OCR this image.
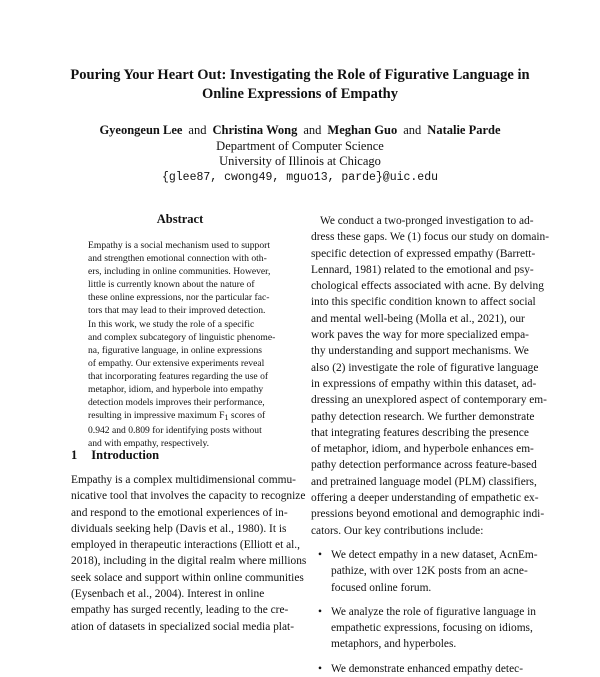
Pouring Your Heart Out: Investigating the Role of Figurative Language in
Online Expressions of Empathy
Gyeongeun Lee and Christina Wong and Meghan Guo and Natalie Parde
Department of Computer Science
University of Illinois at Chicago
{glee87, cwong49, mguo13, parde}@uic.edu
Abstract
Empathy is a social mechanism used to support
and strengthen emotional connection with oth-
ers, including in online communities. However,
little is currently known about the nature of
these online expressions, nor the particular fac-
tors that may lead to their improved detection.
In this work, we study the role of a specific
and complex subcategory of linguistic phenome-
na, figurative language, in online expressions
of empathy. Our extensive experiments reveal
that incorporating features regarding the use of
metaphor, idiom, and hyperbole into empathy
detection models improves their performance,
resulting in impressive maximum $F_1$ scores of
0.942 and 0.809 for identifying posts without
and with empathy, respectively.
1 Introduction
Empathy is a complex multidimensional commu-
nicative tool that involves the capacity to recognize
and respond to the emotional experiences of in-
dividuals seeking help (Davis et al., 1980). It is
employed in therapeutic interactions (Elliott et al.,
2018), including in the digital realm where millions
seek solace and support within online communities
(Eysenbach et al., 2004). Interest in online
empathy has surged recently, leading to the cre-
ation of datasets in specialized social media plat-
We conduct a two-pronged investigation to ad-
dress these gaps. We (1) focus our study on domain-
specific detection of expressed empathy (Barrett-
Lennard, 1981) related to the emotional and psy-
chological effects associated with acne. By delving
into this specific condition known to affect social
and mental well-being (Molla et al., 2021), our
work paves the way for more specialized empa-
thy understanding and support mechanisms. We
also (2) investigate the role of figurative language
in expressions of empathy within this dataset, ad-
dressing an unexplored aspect of contemporary em-
pathy detection research. We further demonstrate
that integrating features describing the presence
of metaphor, idiom, and hyperbole enhances em-
pathy detection performance across feature-based
and pretrained language model (PLM) classifiers,
offering a deeper understanding of empathetic ex-
pressions beyond emotional and demographic indi-
cators. Our key contributions include:
• We detect empathy in a new dataset, AcnEm-
pathize, with over 12K posts from an acne-
focused online forum.
• We analyze the role of figurative language in
empathetic expressions, focusing on idioms,
metaphors, and hyperboles.
• We demonstrate enhanced empathy detec-
